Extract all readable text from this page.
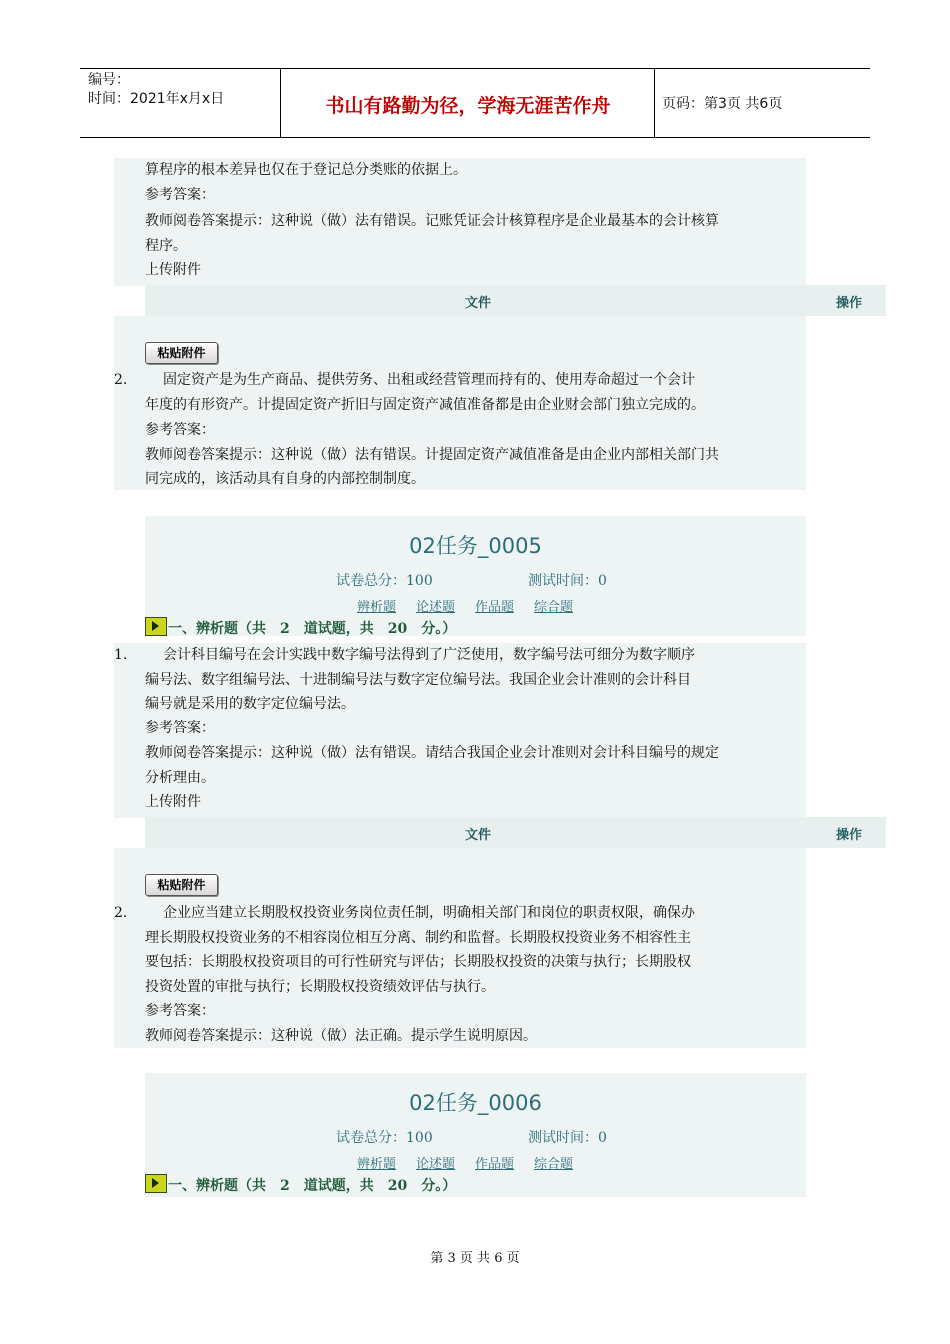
编号：
时间：2021年x月x日	书山有路勤为径，学海无涯苦作舟	页码：第3页 共6页
算程序的根本差异也仅在于登记总分类账的依据上。
参考答案：
教师阅卷答案提示：这种说（做）法有错误。记账凭证会计核算程序是企业最基本的会计核算
程序。
上传附件
文件	操作
粘贴附件
2.	固定资产是为生产商品、提供劳务、出租或经营管理而持有的、使用寿命超过一个会计
年度的有形资产。计提固定资产折旧与固定资产减值准备都是由企业财会部门独立完成的。
参考答案：
教师阅卷答案提示：这种说（做）法有错误。计提固定资产减值准备是由企业内部相关部门共
同完成的，该活动具有自身的内部控制制度。
02任务_0005
试卷总分：100	测试时间：0
辨析题 论述题 作品题 综合题
一、辨析题（共　2　道试题，共　20　分。）
1.	会计科目编号在会计实践中数字编号法得到了广泛使用，数字编号法可细分为数字顺序
编号法、数字组编号法、十进制编号法与数字定位编号法。我国企业会计准则的会计科目
编号就是采用的数字定位编号法。
参考答案：
教师阅卷答案提示：这种说（做）法有错误。请结合我国企业会计准则对会计科目编号的规定
分析理由。
上传附件
文件	操作
粘贴附件
2.	企业应当建立长期股权投资业务岗位责任制，明确相关部门和岗位的职责权限，确保办
理长期股权投资业务的不相容岗位相互分离、制约和监督。长期股权投资业务不相容性主
要包括：长期股权投资项目的可行性研究与评估；长期股权投资的决策与执行；长期股权
投资处置的审批与执行；长期股权投资绩效评估与执行。
参考答案：
教师阅卷答案提示：这种说（做）法正确。提示学生说明原因。
02任务_0006
试卷总分：100	测试时间：0
辨析题 论述题 作品题 综合题
一、辨析题（共　2　道试题，共　20　分。）
第 3 页 共 6 页
